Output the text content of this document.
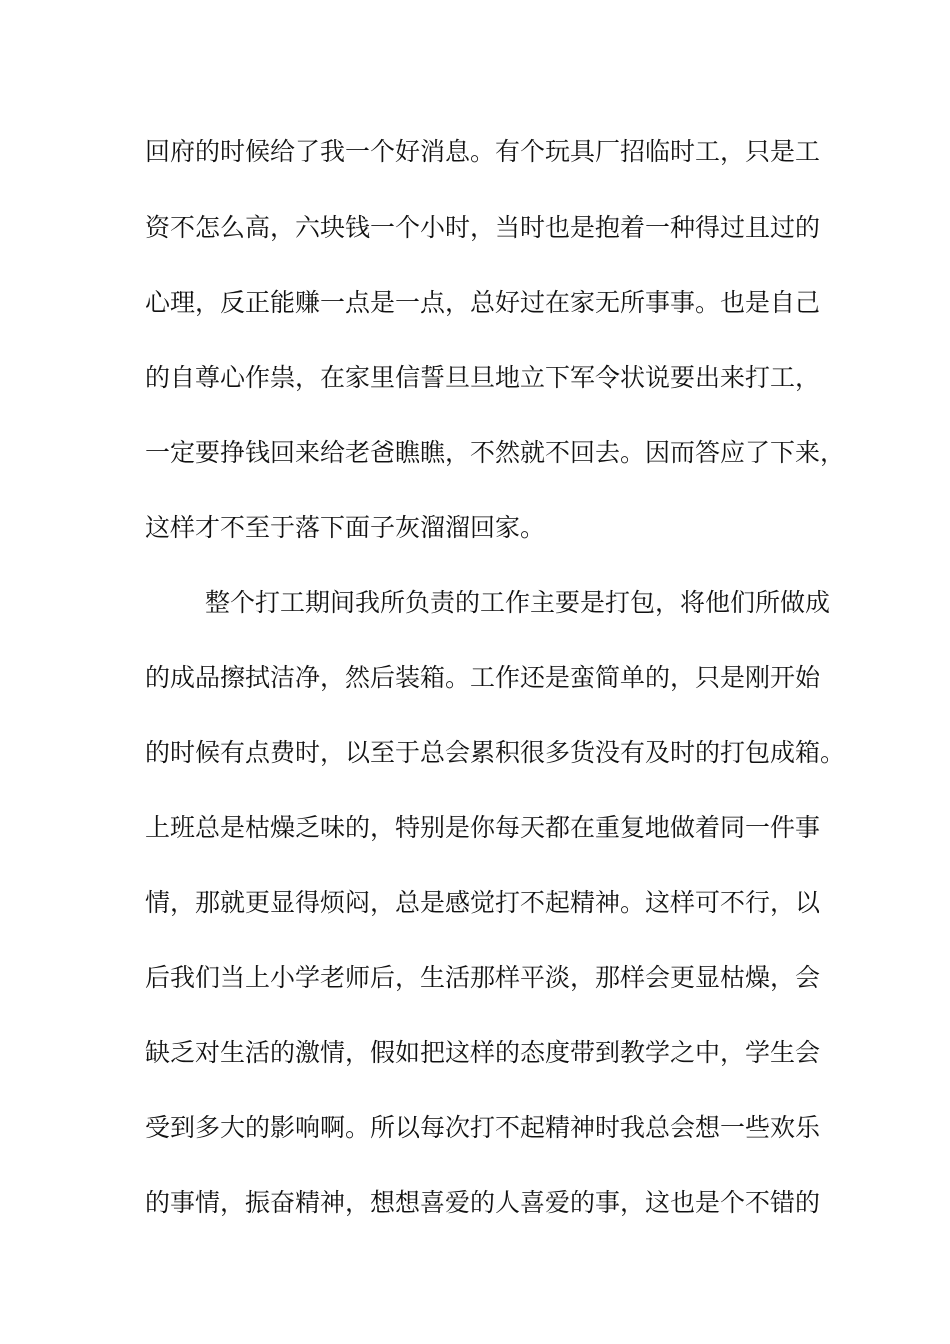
回府的时候给了我一个好消息。有个玩具厂招临时工，只是工
资不怎么高，六块钱一个小时，当时也是抱着一种得过且过的
心理，反正能赚一点是一点，总好过在家无所事事。也是自己
的自尊心作祟，在家里信誓旦旦地立下军令状说要出来打工，
一定要挣钱回来给老爸瞧瞧，不然就不回去。因而答应了下来，
这样才不至于落下面子灰溜溜回家。
整个打工期间我所负责的工作主要是打包，将他们所做成
的成品擦拭洁净，然后装箱。工作还是蛮简单的，只是刚开始
的时候有点费时，以至于总会累积很多货没有及时的打包成箱。
上班总是枯燥乏味的，特别是你每天都在重复地做着同一件事
情，那就更显得烦闷，总是感觉打不起精神。这样可不行，以
后我们当上小学老师后，生活那样平淡，那样会更显枯燥，会
缺乏对生活的激情，假如把这样的态度带到教学之中，学生会
受到多大的影响啊。所以每次打不起精神时我总会想一些欢乐
的事情，振奋精神，想想喜爱的人喜爱的事，这也是个不错的
